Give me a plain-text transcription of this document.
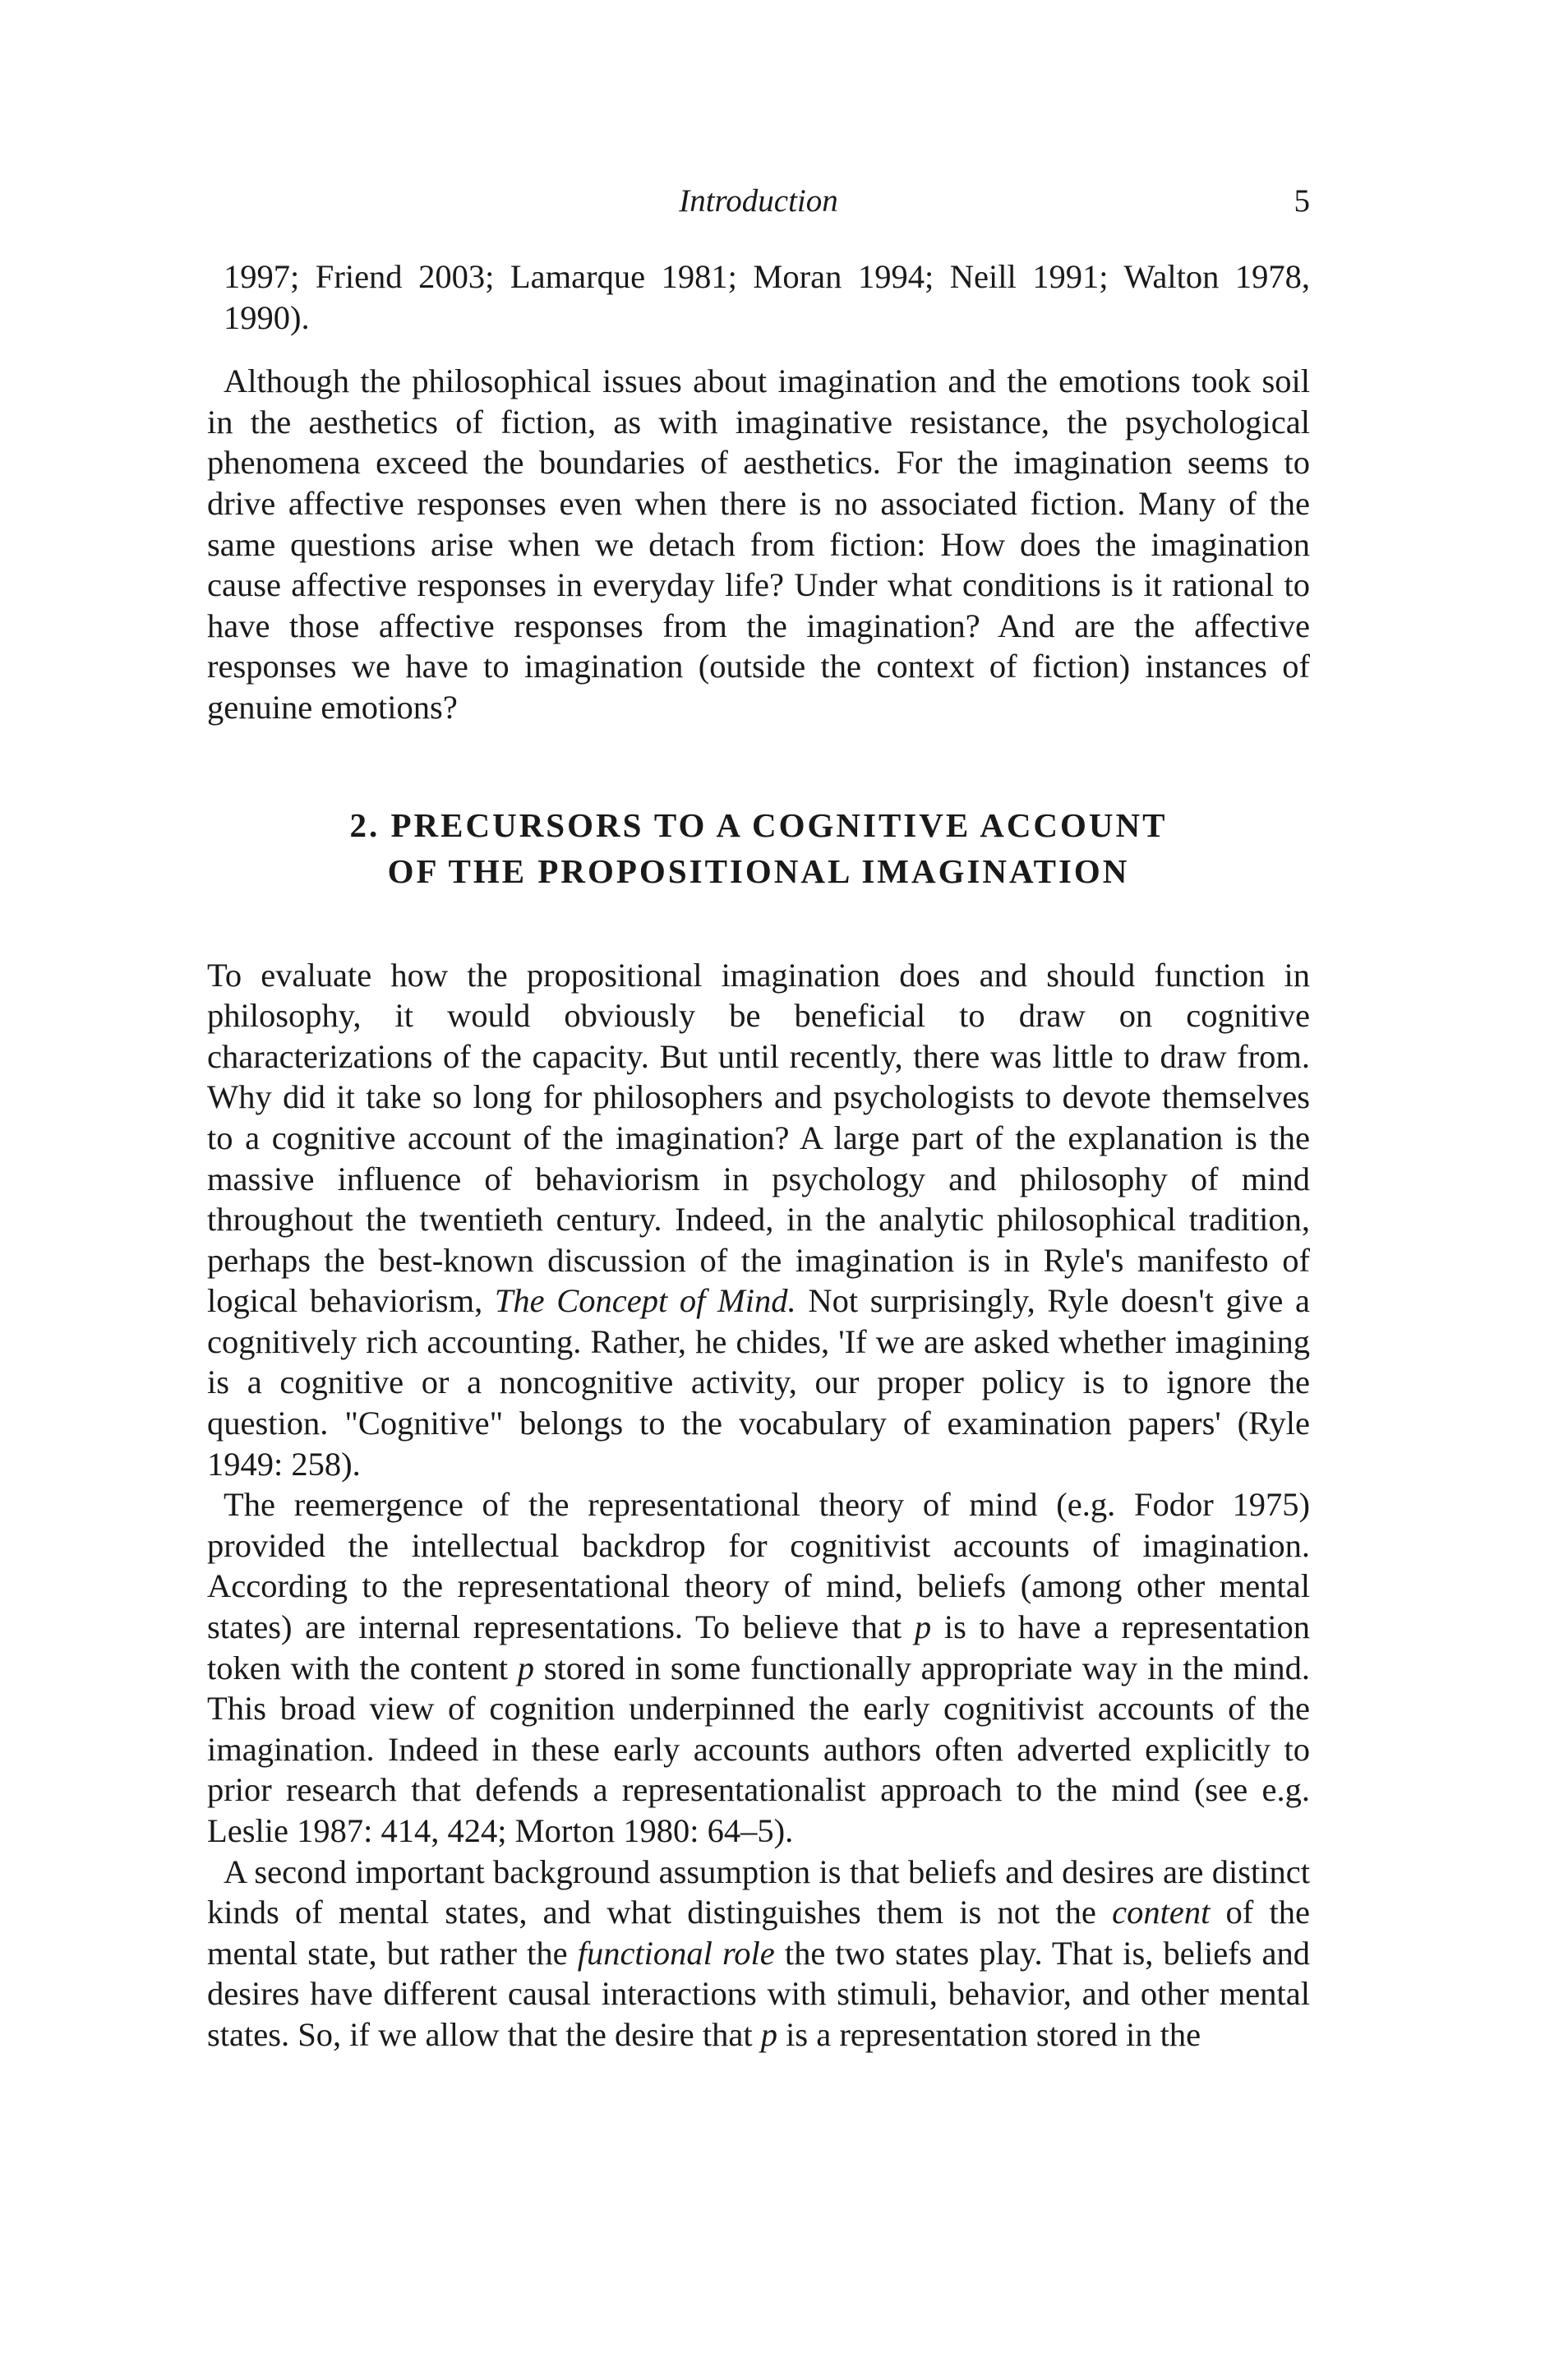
Introduction	5

1997; Friend 2003; Lamarque 1981; Moran 1994; Neill 1991; Walton 1978, 1990).

Although the philosophical issues about imagination and the emotions took soil in the aesthetics of fiction, as with imaginative resistance, the psychological phenomena exceed the boundaries of aesthetics. For the imagination seems to drive affective responses even when there is no associated fiction. Many of the same questions arise when we detach from fiction: How does the imagination cause affective responses in everyday life? Under what conditions is it rational to have those affective responses from the imagination? And are the affective responses we have to imagination (outside the context of fiction) instances of genuine emotions?

2. PRECURSORS TO A COGNITIVE ACCOUNT
OF THE PROPOSITIONAL IMAGINATION

To evaluate how the propositional imagination does and should function in philosophy, it would obviously be beneficial to draw on cognitive characterizations of the capacity. But until recently, there was little to draw from. Why did it take so long for philosophers and psychologists to devote themselves to a cognitive account of the imagination? A large part of the explanation is the massive influence of behaviorism in psychology and philosophy of mind throughout the twentieth century. Indeed, in the analytic philosophical tradition, perhaps the best-known discussion of the imagination is in Ryle's manifesto of logical behaviorism, The Concept of Mind. Not surprisingly, Ryle doesn't give a cognitively rich accounting. Rather, he chides, 'If we are asked whether imagining is a cognitive or a noncognitive activity, our proper policy is to ignore the question. "Cognitive" belongs to the vocabulary of examination papers' (Ryle 1949: 258).

The reemergence of the representational theory of mind (e.g. Fodor 1975) provided the intellectual backdrop for cognitivist accounts of imagination. According to the representational theory of mind, beliefs (among other mental states) are internal representations. To believe that p is to have a representation token with the content p stored in some functionally appropriate way in the mind. This broad view of cognition underpinned the early cognitivist accounts of the imagination. Indeed in these early accounts authors often adverted explicitly to prior research that defends a representationalist approach to the mind (see e.g. Leslie 1987: 414, 424; Morton 1980: 64–5).

A second important background assumption is that beliefs and desires are distinct kinds of mental states, and what distinguishes them is not the content of the mental state, but rather the functional role the two states play. That is, beliefs and desires have different causal interactions with stimuli, behavior, and other mental states. So, if we allow that the desire that p is a representation stored in the
